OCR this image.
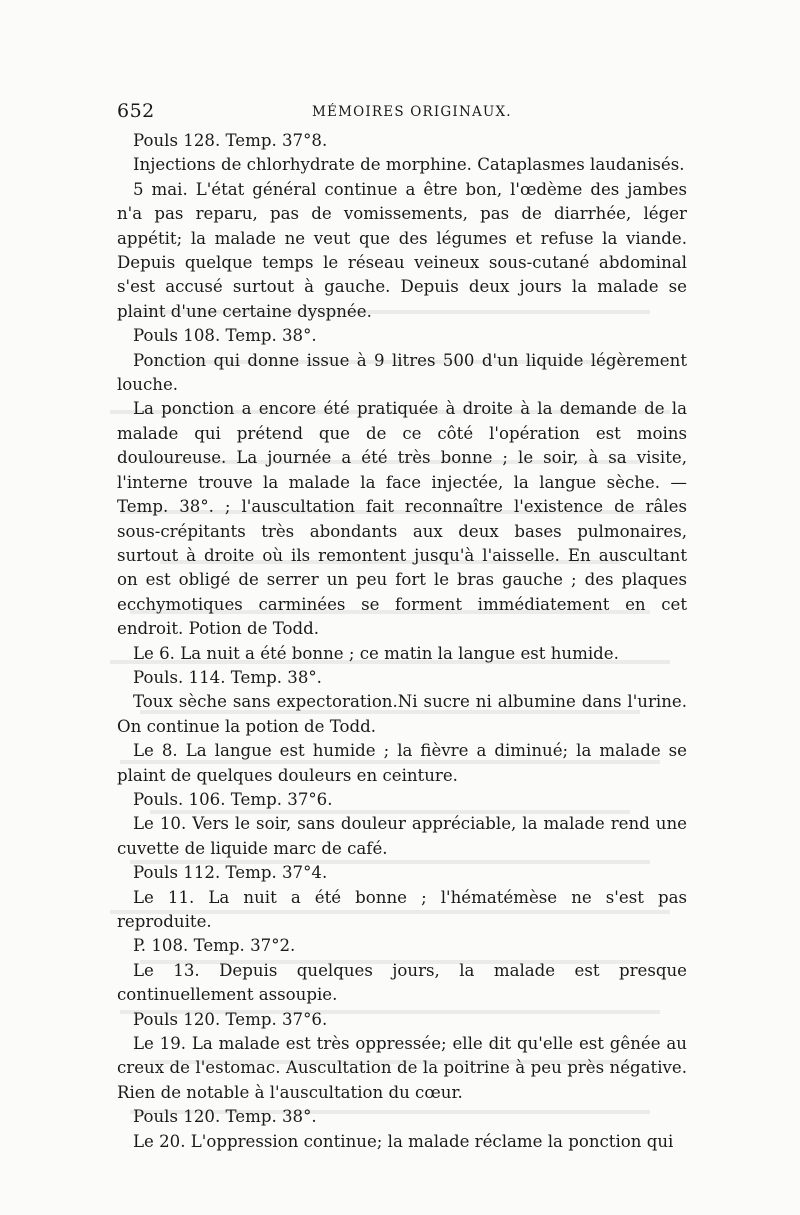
652	MÉMOIRES ORIGINAUX.

Pouls 128. Temp. 37°8.

Injections de chlorhydrate de morphine. Cataplasmes laudanisés.

5 mai. L'état général continue a être bon, l'œdème des jambes n'a pas reparu, pas de vomissements, pas de diarrhée, léger appétit; la malade ne veut que des légumes et refuse la viande. Depuis quelque temps le réseau veineux sous-cutané abdominal s'est accusé surtout à gauche. Depuis deux jours la malade se plaint d'une certaine dyspnée.

Pouls 108. Temp. 38°.

Ponction qui donne issue à 9 litres 500 d'un liquide légèrement louche.

La ponction a encore été pratiquée à droite à la demande de la malade qui prétend que de ce côté l'opération est moins douloureuse. La journée a été très bonne ; le soir, à sa visite, l'interne trouve la malade la face injectée, la langue sèche. — Temp. 38°. ; l'auscultation fait reconnaître l'existence de râles sous-crépitants très abondants aux deux bases pulmonaires, surtout à droite où ils remontent jusqu'à l'aisselle. En auscultant on est obligé de serrer un peu fort le bras gauche ; des plaques ecchymotiques carminées se forment immédiatement en cet endroit. Potion de Todd.

Le 6. La nuit a été bonne ; ce matin la langue est humide.

Pouls. 114. Temp. 38°.

Toux sèche sans expectoration.Ni sucre ni albumine dans l'urine. On continue la potion de Todd.

Le 8. La langue est humide ; la fièvre a diminué; la malade se plaint de quelques douleurs en ceinture.

Pouls. 106. Temp. 37°6.

Le 10. Vers le soir, sans douleur appréciable, la malade rend une cuvette de liquide marc de café.

Pouls 112. Temp. 37°4.

Le 11. La nuit a été bonne ; l'hématémèse ne s'est pas reproduite.

P. 108. Temp. 37°2.

Le 13. Depuis quelques jours, la malade est presque continuellement assoupie.

Pouls 120. Temp. 37°6.

Le 19. La malade est très oppressée; elle dit qu'elle est gênée au creux de l'estomac. Auscultation de la poitrine à peu près négative. Rien de notable à l'auscultation du cœur.

Pouls 120. Temp. 38°.

Le 20. L'oppression continue; la malade réclame la ponction qui
